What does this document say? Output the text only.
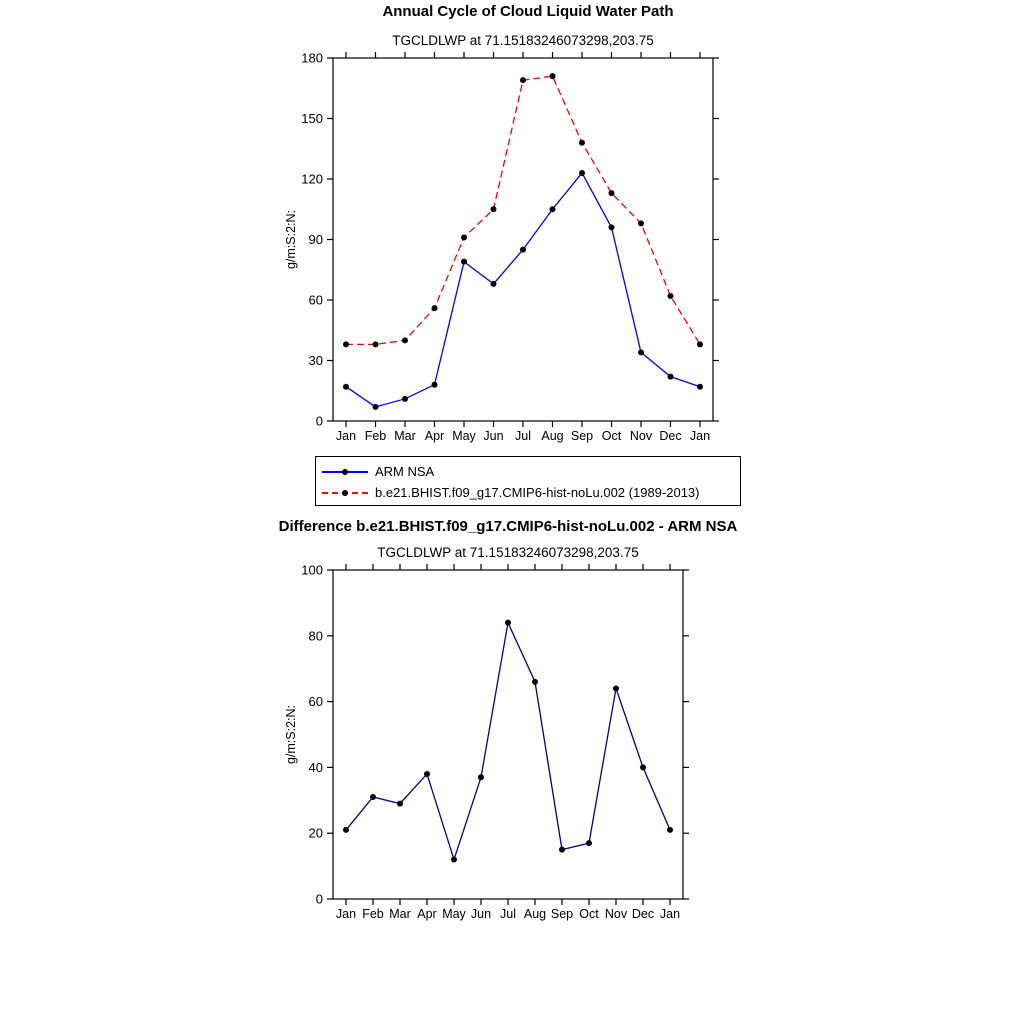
0
30
60
90
120
150
180
Jan Feb Mar Apr May Jun Jul Aug Sep Oct Nov Dec Jan
g/m:S:2:N:
0
20
40
60
80
100
Jan Feb Mar Apr May Jun Jul Aug Sep Oct Nov Dec Jan
g/m:S:2:N:
Annual Cycle of Cloud Liquid Water Path
TGCLDLWP at 71.15183246073298,203.75
ARM NSA
b.e21.BHIST.f09_g17.CMIP6-hist-noLu.002 (1989-2013)
Difference b.e21.BHIST.f09_g17.CMIP6-hist-noLu.002 - ARM NSA
TGCLDLWP at 71.15183246073298,203.75
